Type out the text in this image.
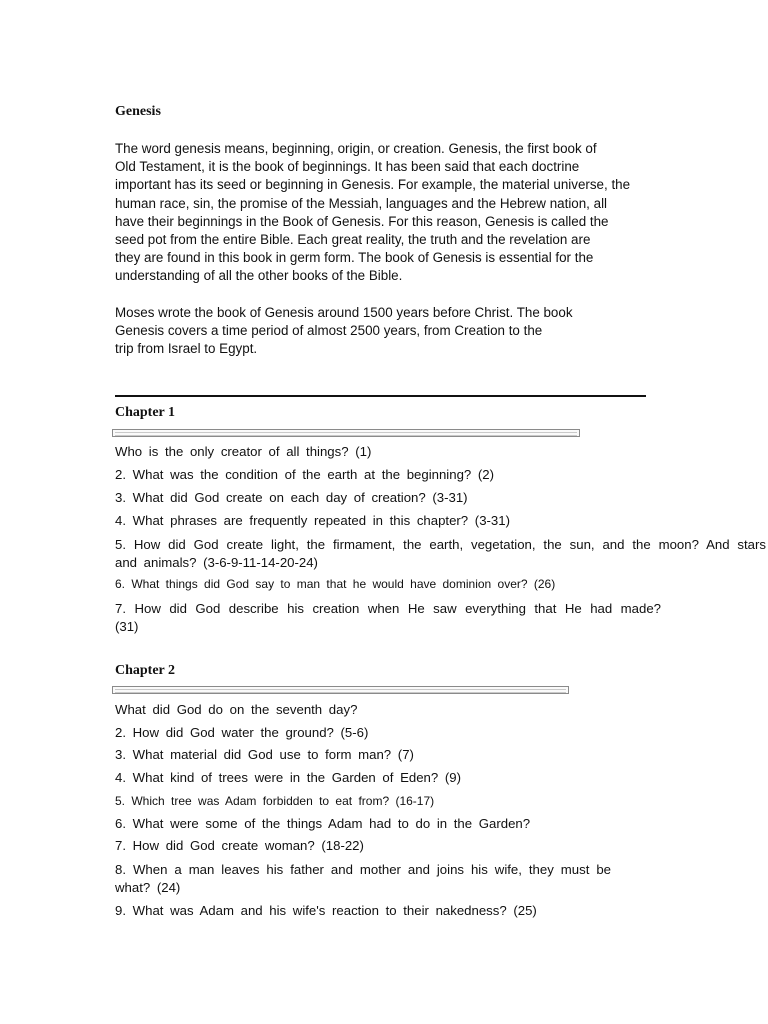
Genesis
The word genesis means, beginning, origin, or creation. Genesis, the first book of
Old Testament, it is the book of beginnings. It has been said that each doctrine
important has its seed or beginning in Genesis. For example, the material universe, the
human race, sin, the promise of the Messiah, languages and the Hebrew nation, all
have their beginnings in the Book of Genesis. For this reason, Genesis is called the
seed pot from the entire Bible. Each great reality, the truth and the revelation are
they are found in this book in germ form. The book of Genesis is essential for the
understanding of all the other books of the Bible.
Moses wrote the book of Genesis around 1500 years before Christ. The book
Genesis covers a time period of almost 2500 years, from Creation to the
trip from Israel to Egypt.
Chapter 1
Who is the only creator of all things? (1)
2. What was the condition of the earth at the beginning? (2)
3. What did God create on each day of creation? (3-31)
4. What phrases are frequently repeated in this chapter? (3-31)
5. How did God create light, the firmament, the earth, vegetation, the sun, and the moon? And stars and animals? (3-6-9-11-14-20-24)
6. What things did God say to man that he would have dominion over? (26)
7. How did God describe his creation when He saw everything that He had made? (31)
Chapter 2
What did God do on the seventh day?
2. How did God water the ground? (5-6)
3. What material did God use to form man? (7)
4. What kind of trees were in the Garden of Eden? (9)
5. Which tree was Adam forbidden to eat from? (16-17)
6. What were some of the things Adam had to do in the Garden?
7. How did God create woman? (18-22)
8. When a man leaves his father and mother and joins his wife, they must be what? (24)
9. What was Adam and his wife's reaction to their nakedness? (25)
